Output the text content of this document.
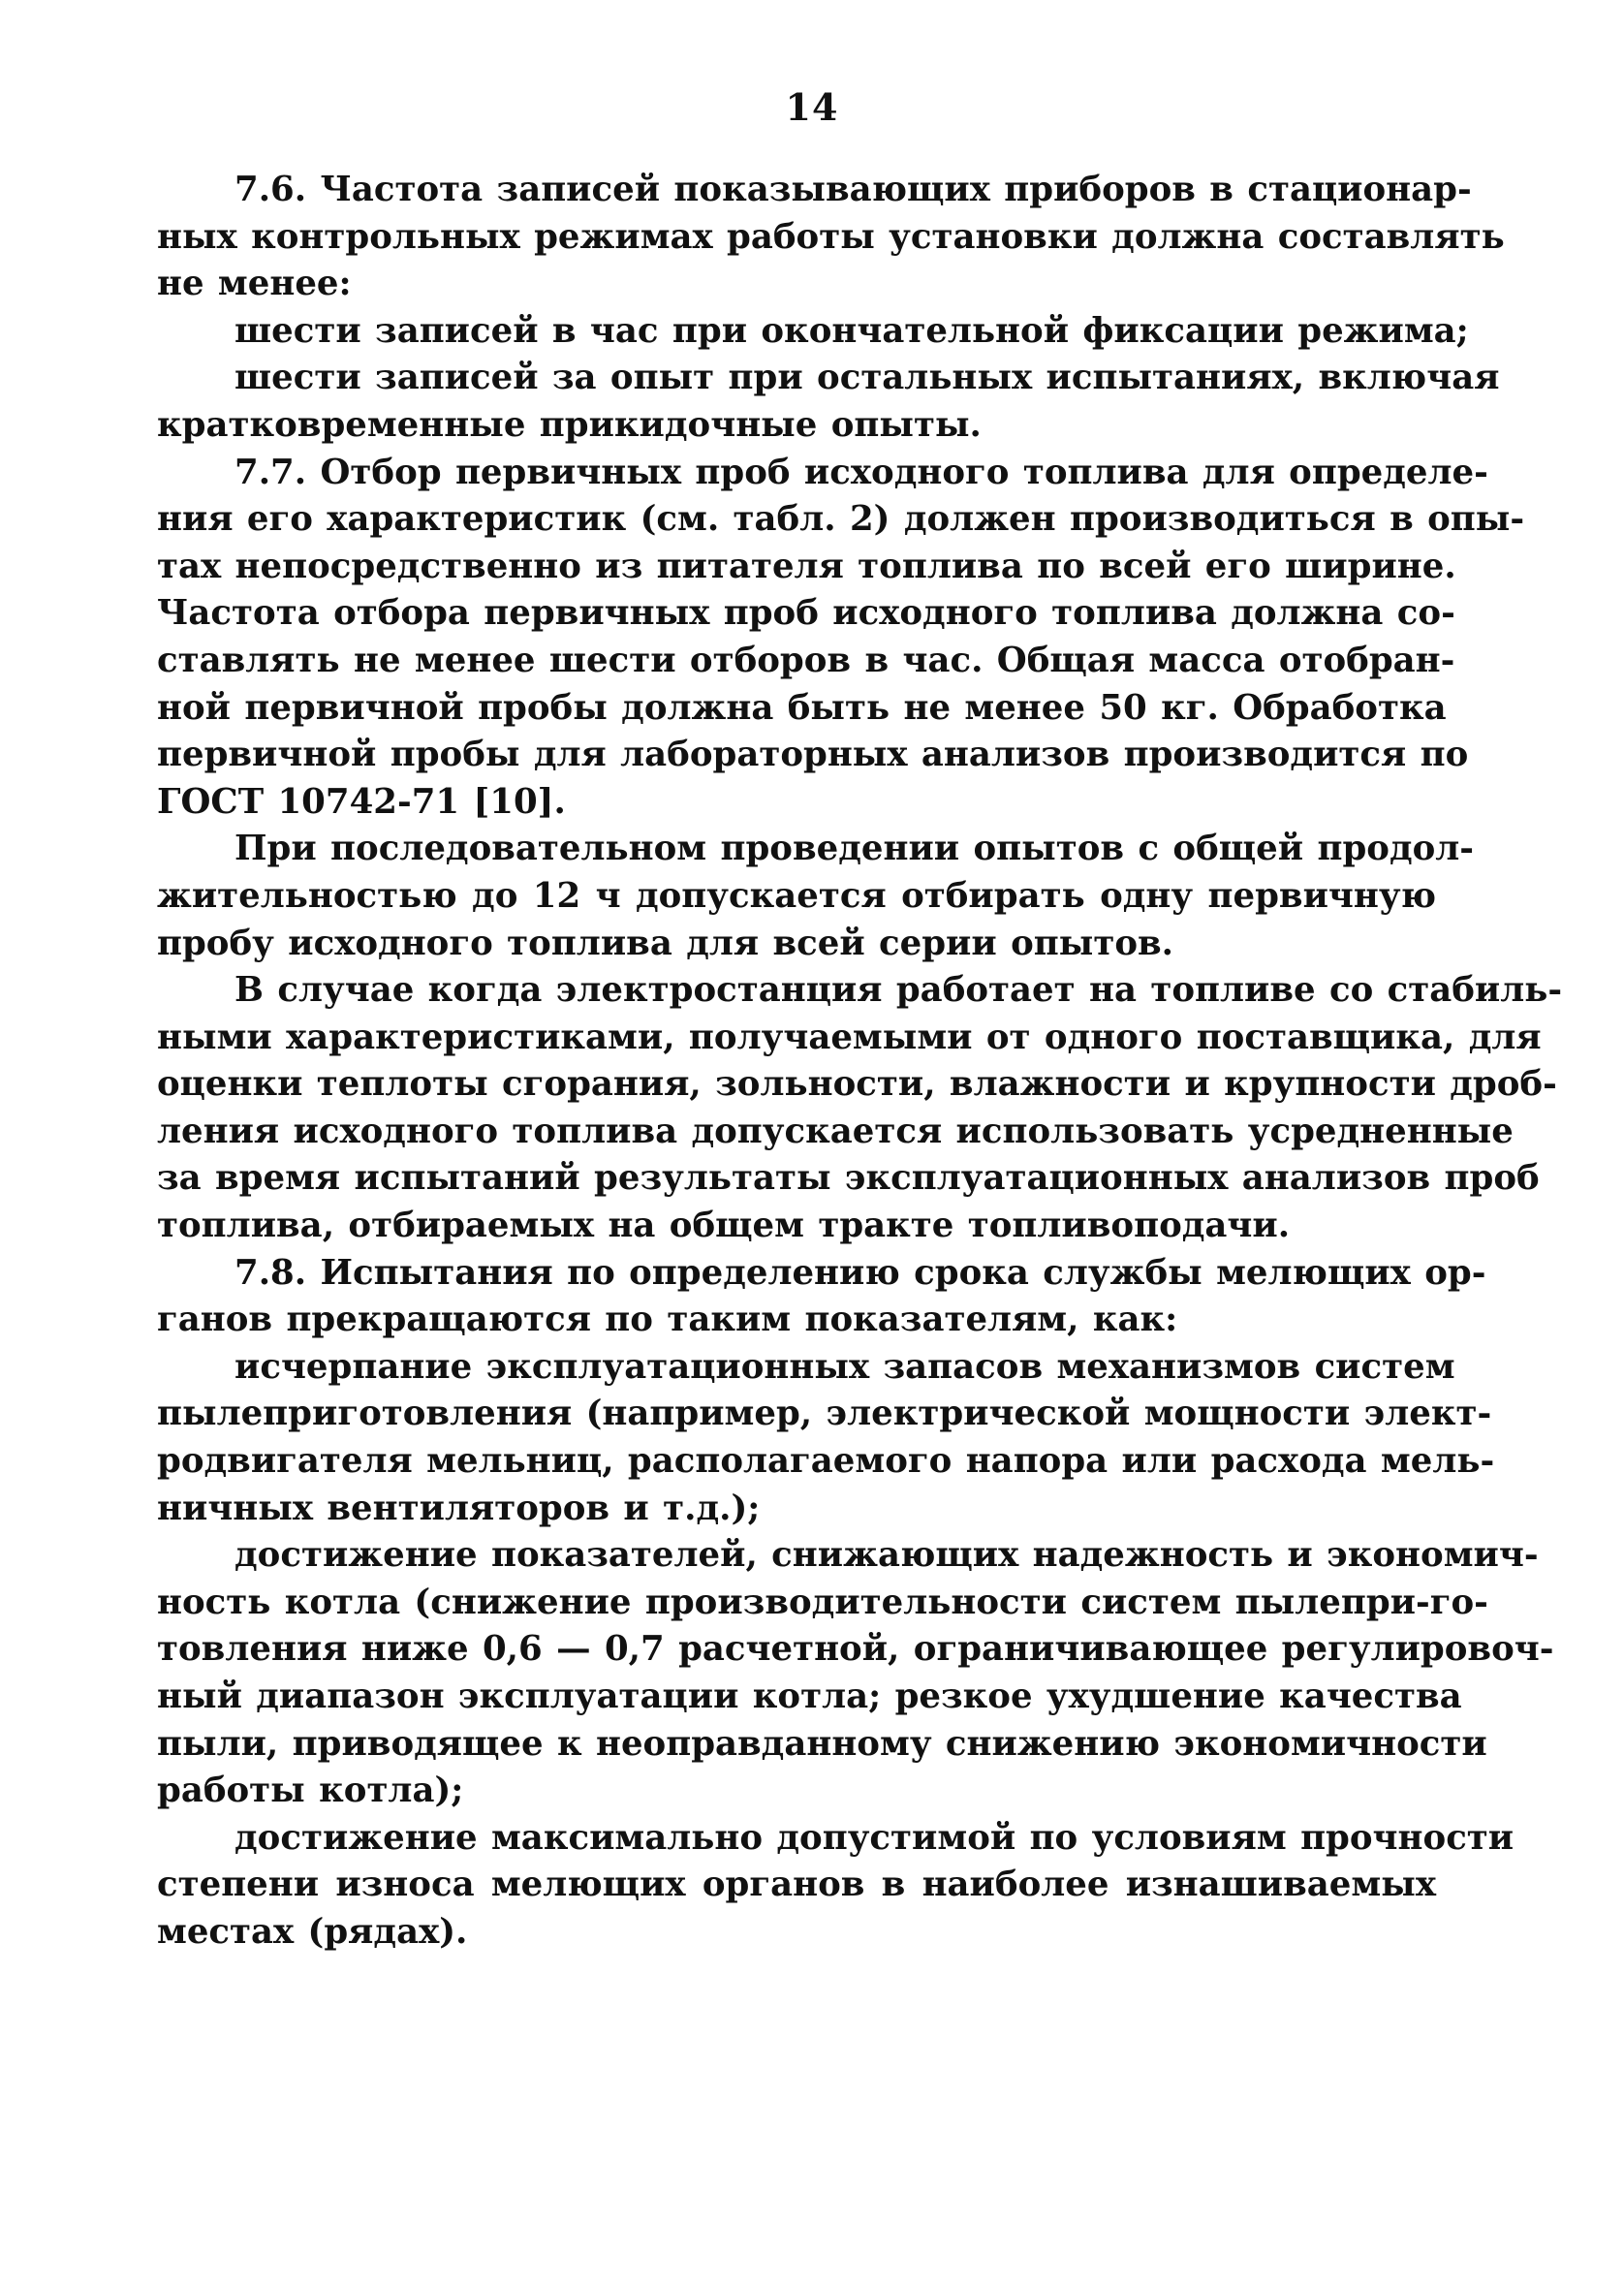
14

7.6. Частота записей показывающих приборов в стационар-
ных контрольных режимах работы установки должна составлять
не менее:

шести записей в час при окончательной фиксации режима;

шести записей за опыт при остальных испытаниях, включая
кратковременные прикидочные опыты.

7.7. Отбор первичных проб исходного топлива для определе-
ния его характеристик (см. табл. 2) должен производиться в опы-
тах непосредственно из питателя топлива по всей его ширине.
Частота отбора первичных проб исходного топлива должна со-
ставлять не менее шести отборов в час. Общая масса отобран-
ной первичной пробы должна быть не менее 50 кг. Обработка
первичной пробы для лабораторных анализов производится по
ГОСТ 10742-71 [10].

При последовательном проведении опытов с общей продол-
жительностью до 12 ч допускается отбирать одну первичную
пробу исходного топлива для всей серии опытов.

В случае когда электростанция работает на топливе со стабиль-
ными характеристиками, получаемыми от одного поставщика, для
оценки теплоты сгорания, зольности, влажности и крупности дроб-
ления исходного топлива допускается использовать усредненные
за время испытаний результаты эксплуатационных анализов проб
топлива, отбираемых на общем тракте топливоподачи.

7.8. Испытания по определению срока службы мелющих ор-
ганов прекращаются по таким показателям, как:

исчерпание эксплуатационных запасов механизмов систем
пылеприготовления (например, электрической мощности элект-
родвигателя мельниц, располагаемого напора или расхода мель-
ничных вентиляторов и т.д.);

достижение показателей, снижающих надежность и экономич-
ность котла (снижение производительности систем пылепри-го-
товления ниже 0,6 — 0,7 расчетной, ограничивающее регулировоч-
ный диапазон эксплуатации котла; резкое ухудшение качества
пыли, приводящее к неоправданному снижению экономичности
работы котла);

достижение максимально допустимой по условиям прочности
степени износа мелющих органов в наиболее изнашиваемых
местах (рядах).
